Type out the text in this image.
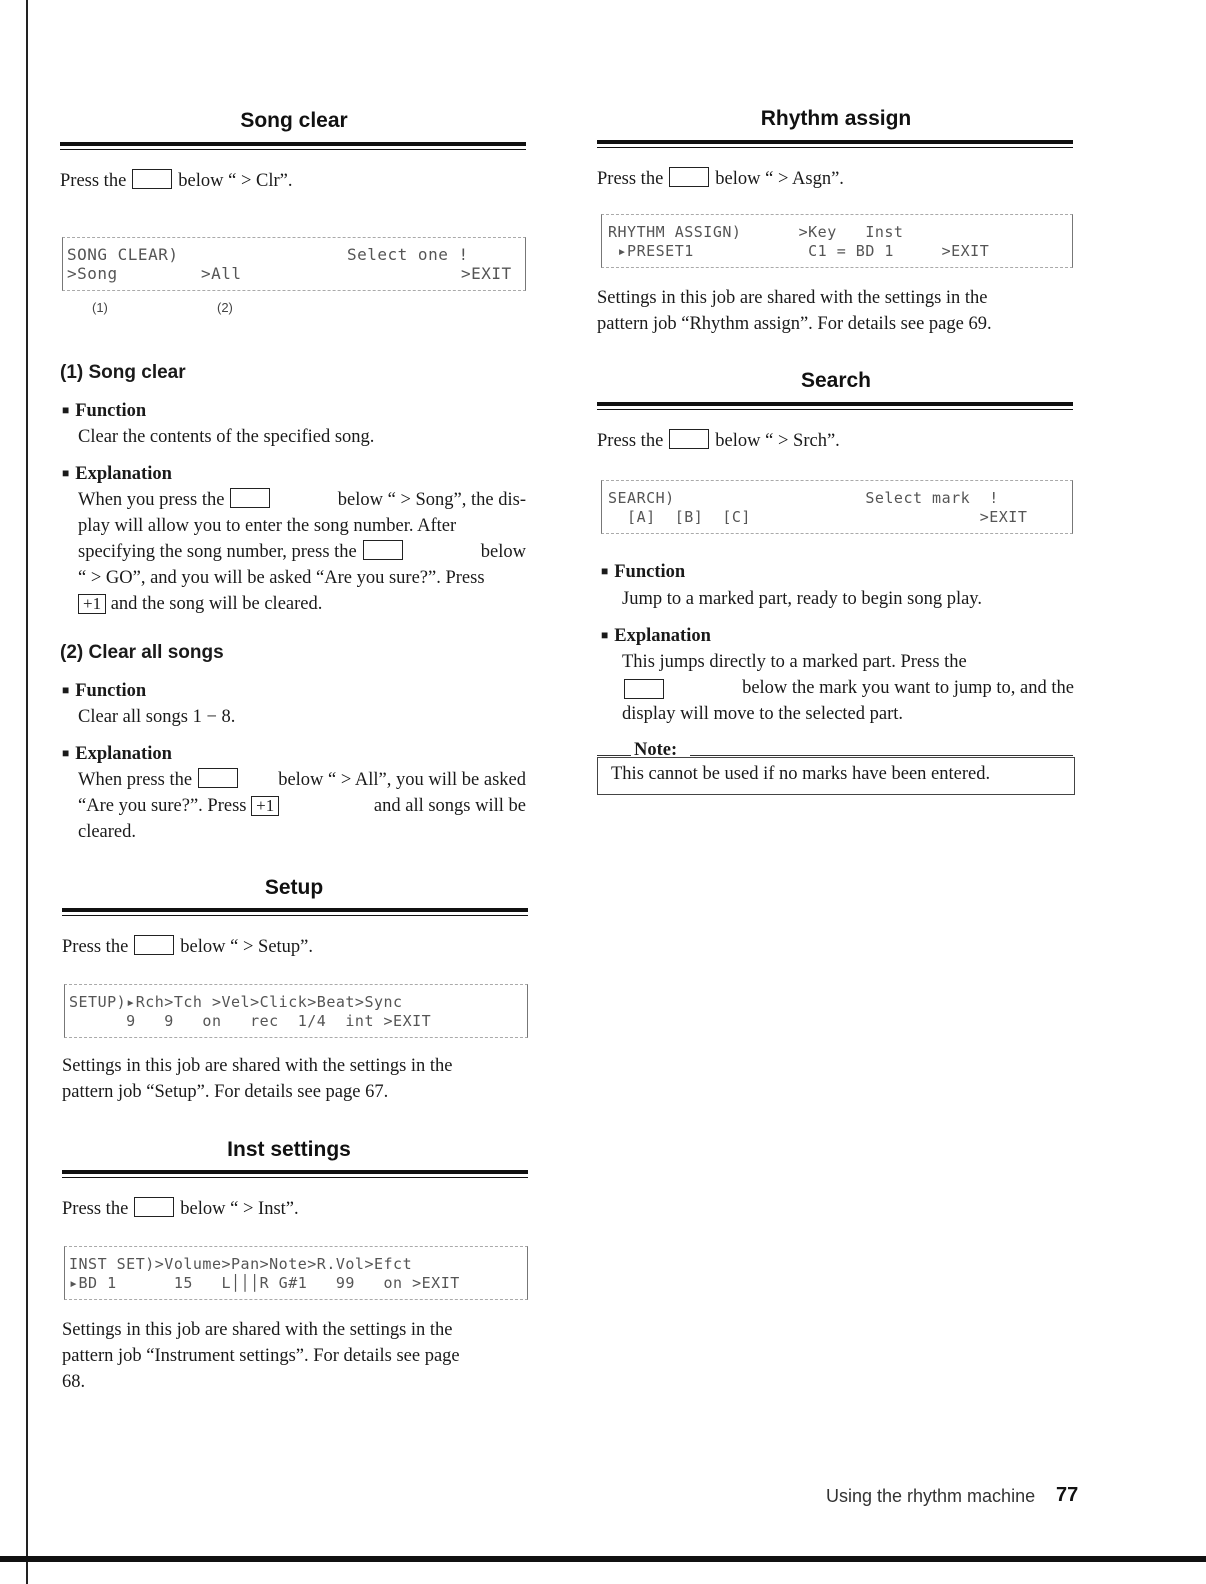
Song clear
Press the	below “ > Clr”.

SONG CLEAR)

	Select one !

>Song

	>All

	>EXIT

(1)	(2)
(1) Song clear
■ Function
Clear the contents of the specified song.
■ Explanation
When you press the	below “ > Song”, the dis-
play will allow you to enter the song number. After
specifying the song number, press the	below
“ > GO”, and you will be asked “Are you sure?”. Press
+1 and the song will be cleared.
(2) Clear all songs
■ Function
Clear all songs 1 − 8.
■ Explanation
When press the	below “ > All”, you will be asked
“Are you sure?”. Press +1	and all songs will be
cleared.
Setup
Press the	below “ > Setup”.

SETUP)▸Rch>Tch >Vel>Click>Beat>Sync

9   9   on   rec  1/4  int >EXIT

Settings in this job are shared with the settings in the
pattern job “Setup”. For details see page 67.
Inst settings
Press the	below “ > Inst”.

INST SET)>Volume>Pan>Note>R.Vol>Efct

▸BD 1      15   L│││R G#1   99   on >EXIT

Settings in this job are shared with the settings in the
pattern job “Instrument settings”. For details see page
68.
Rhythm assign
Press the	below “ > Asgn”.

RHYTHM ASSIGN)      >Key   Inst

▸PRESET1            C1 = BD 1     >EXIT

Settings in this job are shared with the settings in the
pattern job “Rhythm assign”. For details see page 69.
Search
Press the	below “ > Srch”.

SEARCH)                    Select mark  !

[A]  [B]  [C]                        >EXIT

■ Function
Jump to a marked part, ready to begin song play.
■ Explanation
This jumps directly to a marked part. Press the
below the mark you want to jump to, and the
display will move to the selected part.
Note:
This cannot be used if no marks have been entered.
Using the rhythm machine 77
